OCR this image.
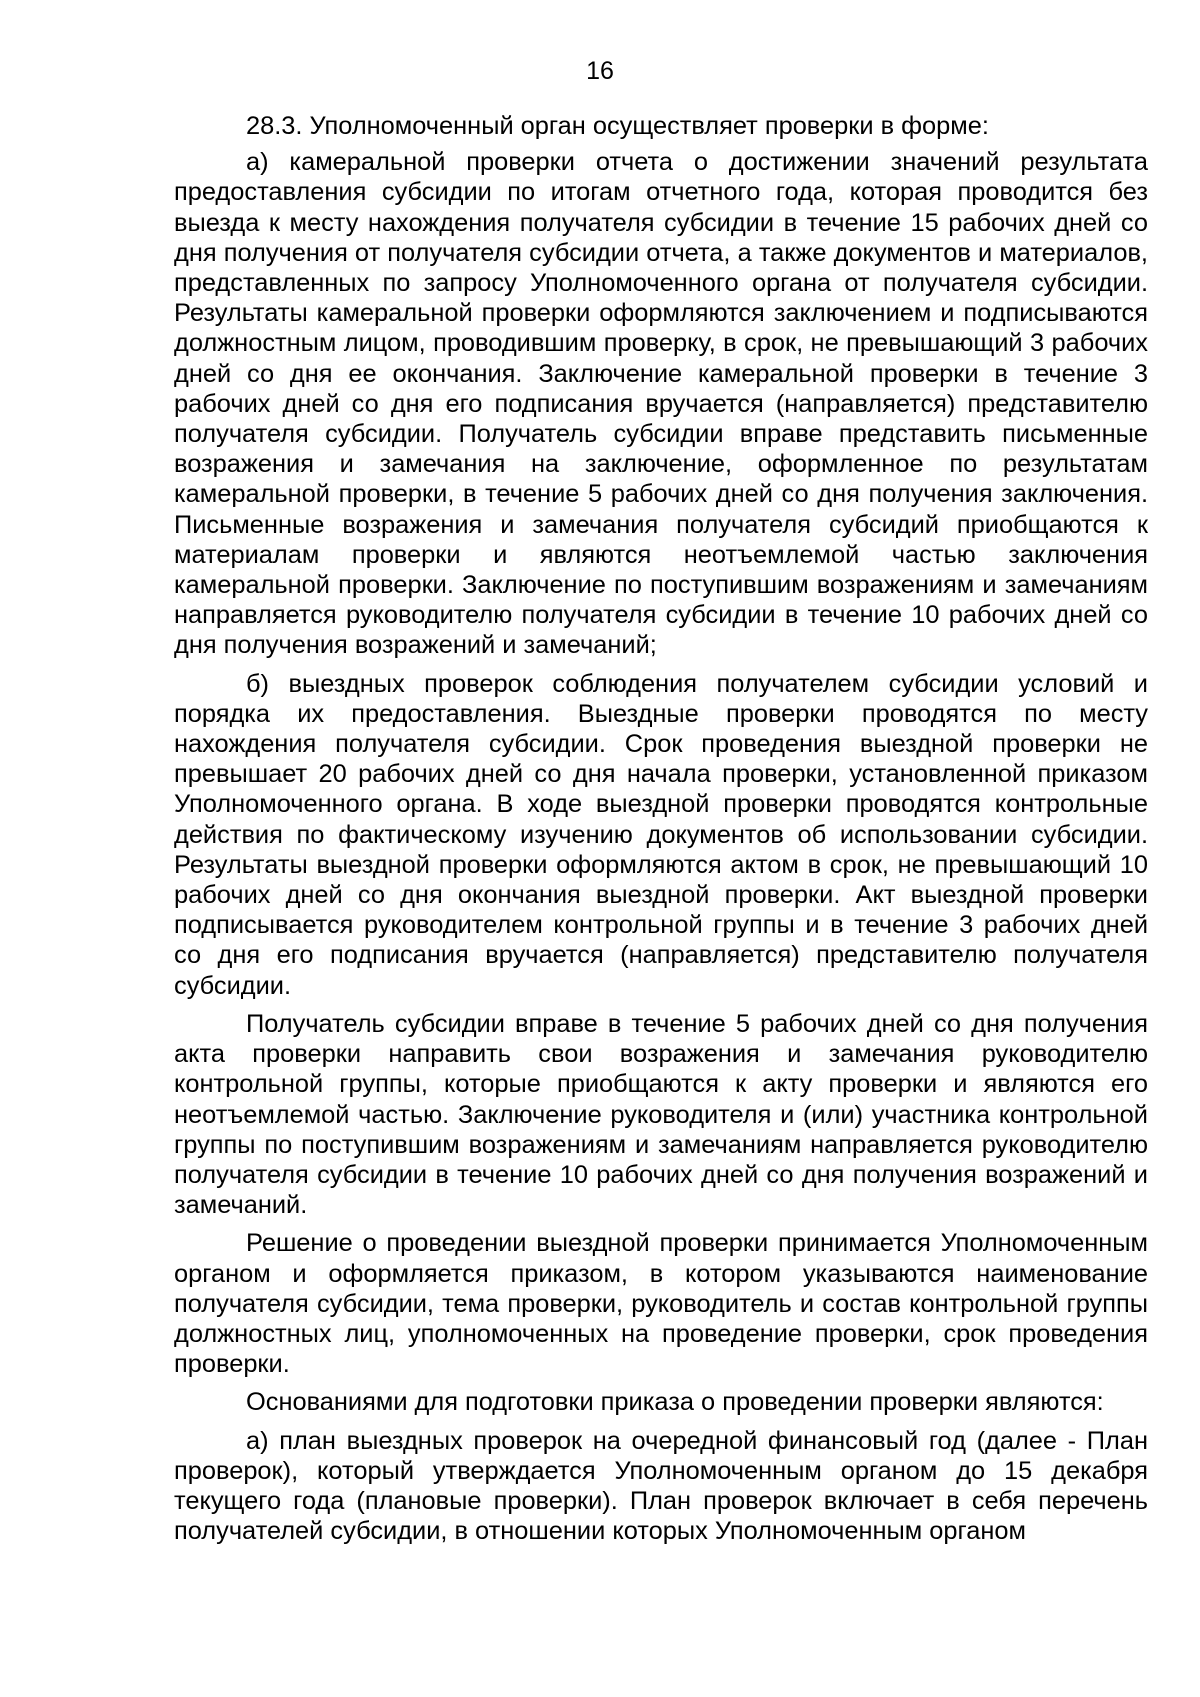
16

28.3. Уполномоченный орган осуществляет проверки в форме:

а) камеральной проверки отчета о достижении значений результата предоставления субсидии по итогам отчетного года, которая проводится без выезда к месту нахождения получателя субсидии в течение 15 рабочих дней со дня получения от получателя субсидии отчета, а также документов и материалов, представленных по запросу Уполномоченного органа от получателя субсидии. Результаты камеральной проверки оформляются заключением и подписываются должностным лицом, проводившим проверку, в срок, не превышающий 3 рабочих дней со дня ее окончания. Заключение камеральной проверки в течение 3 рабочих дней со дня его подписания вручается (направляется) представителю получателя субсидии. Получатель субсидии вправе представить письменные возражения и замечания на заключение, оформленное по результатам камеральной проверки, в течение 5 рабочих дней со дня получения заключения. Письменные возражения и замечания получателя субсидий приобщаются к материалам проверки и являются неотъемлемой частью заключения камеральной проверки. Заключение по поступившим возражениям и замечаниям направляется руководителю получателя субсидии в течение 10 рабочих дней со дня получения возражений и замечаний;

б) выездных проверок соблюдения получателем субсидии условий и порядка их предоставления. Выездные проверки проводятся по месту нахождения получателя субсидии. Срок проведения выездной проверки не превышает 20 рабочих дней со дня начала проверки, установленной приказом Уполномоченного органа. В ходе выездной проверки проводятся контрольные действия по фактическому изучению документов об использовании субсидии. Результаты выездной проверки оформляются актом в срок, не превышающий 10 рабочих дней со дня окончания выездной проверки. Акт выездной проверки подписывается руководителем контрольной группы и в течение 3 рабочих дней со дня его подписания вручается (направляется) представителю получателя субсидии.

Получатель субсидии вправе в течение 5 рабочих дней со дня получения акта проверки направить свои возражения и замечания руководителю контрольной группы, которые приобщаются к акту проверки и являются его неотъемлемой частью. Заключение руководителя и (или) участника контрольной группы по поступившим возражениям и замечаниям направляется руководителю получателя субсидии в течение 10 рабочих дней со дня получения возражений и замечаний.

Решение о проведении выездной проверки принимается Уполномоченным органом и оформляется приказом, в котором указываются наименование получателя субсидии, тема проверки, руководитель и состав контрольной группы должностных лиц, уполномоченных на проведение проверки, срок проведения проверки.

Основаниями для подготовки приказа о проведении проверки являются:

а) план выездных проверок на очередной финансовый год (далее - План проверок), который утверждается Уполномоченным органом до 15 декабря текущего года (плановые проверки). План проверок включает в себя перечень получателей субсидии, в отношении которых Уполномоченным органом
